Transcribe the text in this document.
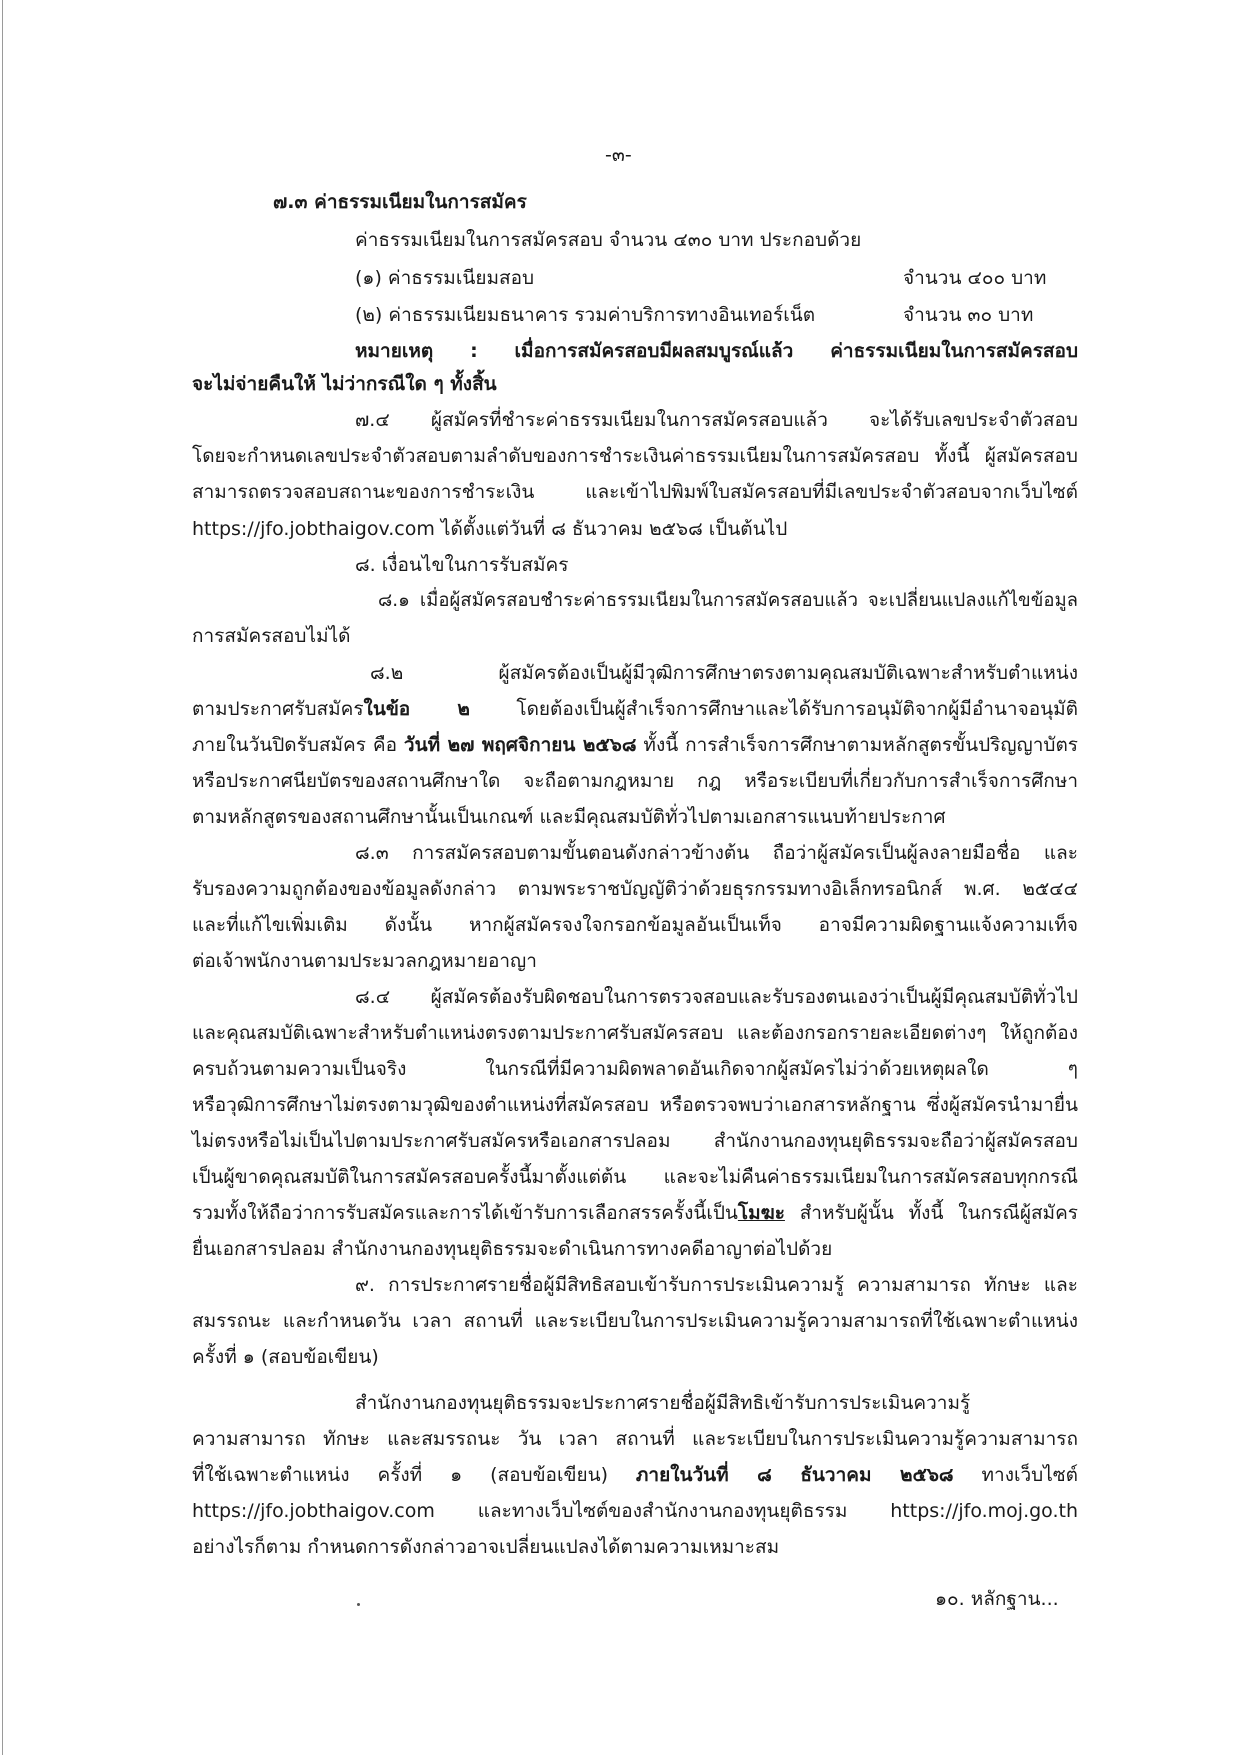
-๓-
๗.๓ ค่าธรรมเนียมในการสมัคร
ค่าธรรมเนียมในการสมัครสอบ จำนวน ๔๓๐ บาท ประกอบด้วย
(๑) ค่าธรรมเนียมสอบ	จำนวน ๔๐๐ บาท
(๒) ค่าธรรมเนียมธนาคาร รวมค่าบริการทางอินเทอร์เน็ต	จำนวน ๓๐ บาท
หมายเหตุ : เมื่อการสมัครสอบมีผลสมบูรณ์แล้ว ค่าธรรมเนียมในการสมัครสอบ
จะไม่จ่ายคืนให้ ไม่ว่ากรณีใด ๆ ทั้งสิ้น
๗.๔ ผู้สมัครที่ชำระค่าธรรมเนียมในการสมัครสอบแล้ว จะได้รับเลขประจำตัวสอบ
โดยจะกำหนดเลขประจำตัวสอบตามลำดับของการชำระเงินค่าธรรมเนียมในการสมัครสอบ ทั้งนี้ ผู้สมัครสอบ
สามารถตรวจสอบสถานะของการชำระเงิน และเข้าไปพิมพ์ใบสมัครสอบที่มีเลขประจำตัวสอบจากเว็บไซต์
https://jfo.jobthaigov.com ได้ตั้งแต่วันที่ ๘ ธันวาคม ๒๕๖๘ เป็นต้นไป
๘. เงื่อนไขในการรับสมัคร
๘.๑ เมื่อผู้สมัครสอบชำระค่าธรรมเนียมในการสมัครสอบแล้ว จะเปลี่ยนแปลงแก้ไขข้อมูล
การสมัครสอบไม่ได้
๘.๒ ผู้สมัครต้องเป็นผู้มีวุฒิการศึกษาตรงตามคุณสมบัติเฉพาะสำหรับตำแหน่ง
ตามประกาศรับสมัครในข้อ ๒ โดยต้องเป็นผู้สำเร็จการศึกษาและได้รับการอนุมัติจากผู้มีอำนาจอนุมัติ
ภายในวันปิดรับสมัคร คือ วันที่ ๒๗ พฤศจิกายน ๒๕๖๘ ทั้งนี้ การสำเร็จการศึกษาตามหลักสูตรขั้นปริญญาบัตร
หรือประกาศนียบัตรของสถานศึกษาใด จะถือตามกฎหมาย กฎ หรือระเบียบที่เกี่ยวกับการสำเร็จการศึกษา
ตามหลักสูตรของสถานศึกษานั้นเป็นเกณฑ์ และมีคุณสมบัติทั่วไปตามเอกสารแนบท้ายประกาศ
๘.๓ การสมัครสอบตามขั้นตอนดังกล่าวข้างต้น ถือว่าผู้สมัครเป็นผู้ลงลายมือชื่อ และ
รับรองความถูกต้องของข้อมูลดังกล่าว ตามพระราชบัญญัติว่าด้วยธุรกรรมทางอิเล็กทรอนิกส์ พ.ศ. ๒๕๔๔
และที่แก้ไขเพิ่มเติม ดังนั้น หากผู้สมัครจงใจกรอกข้อมูลอันเป็นเท็จ อาจมีความผิดฐานแจ้งความเท็จ
ต่อเจ้าพนักงานตามประมวลกฎหมายอาญา
๘.๔ ผู้สมัครต้องรับผิดชอบในการตรวจสอบและรับรองตนเองว่าเป็นผู้มีคุณสมบัติทั่วไป
และคุณสมบัติเฉพาะสำหรับตำแหน่งตรงตามประกาศรับสมัครสอบ และต้องกรอกรายละเอียดต่างๆ ให้ถูกต้อง
ครบถ้วนตามความเป็นจริง ในกรณีที่มีความผิดพลาดอันเกิดจากผู้สมัครไม่ว่าด้วยเหตุผลใด ๆ
หรือวุฒิการศึกษาไม่ตรงตามวุฒิของตำแหน่งที่สมัครสอบ หรือตรวจพบว่าเอกสารหลักฐาน ซึ่งผู้สมัครนำมายื่น
ไม่ตรงหรือไม่เป็นไปตามประกาศรับสมัครหรือเอกสารปลอม สำนักงานกองทุนยุติธรรมจะถือว่าผู้สมัครสอบ
เป็นผู้ขาดคุณสมบัติในการสมัครสอบครั้งนี้มาตั้งแต่ต้น และจะไม่คืนค่าธรรมเนียมในการสมัครสอบทุกกรณี
รวมทั้งให้ถือว่าการรับสมัครและการได้เข้ารับการเลือกสรรครั้งนี้เป็นโมฆะ สำหรับผู้นั้น ทั้งนี้ ในกรณีผู้สมัคร
ยื่นเอกสารปลอม สำนักงานกองทุนยุติธรรมจะดำเนินการทางคดีอาญาต่อไปด้วย
๙. การประกาศรายชื่อผู้มีสิทธิสอบเข้ารับการประเมินความรู้ ความสามารถ ทักษะ และ
สมรรถนะ และกำหนดวัน เวลา สถานที่ และระเบียบในการประเมินความรู้ความสามารถที่ใช้เฉพาะตำแหน่ง
ครั้งที่ ๑ (สอบข้อเขียน)
สำนักงานกองทุนยุติธรรมจะประกาศรายชื่อผู้มีสิทธิเข้ารับการประเมินความรู้
ความสามารถ ทักษะ และสมรรถนะ วัน เวลา สถานที่ และระเบียบในการประเมินความรู้ความสามารถ
ที่ใช้เฉพาะตำแหน่ง ครั้งที่ ๑ (สอบข้อเขียน) ภายในวันที่ ๘ ธันวาคม ๒๕๖๘ ทางเว็บไซต์
https://jfo.jobthaigov.com และทางเว็บไซต์ของสำนักงานกองทุนยุติธรรม https://jfo.moj.go.th
อย่างไรก็ตาม กำหนดการดังกล่าวอาจเปลี่ยนแปลงได้ตามความเหมาะสม
๑๐. หลักฐาน...
